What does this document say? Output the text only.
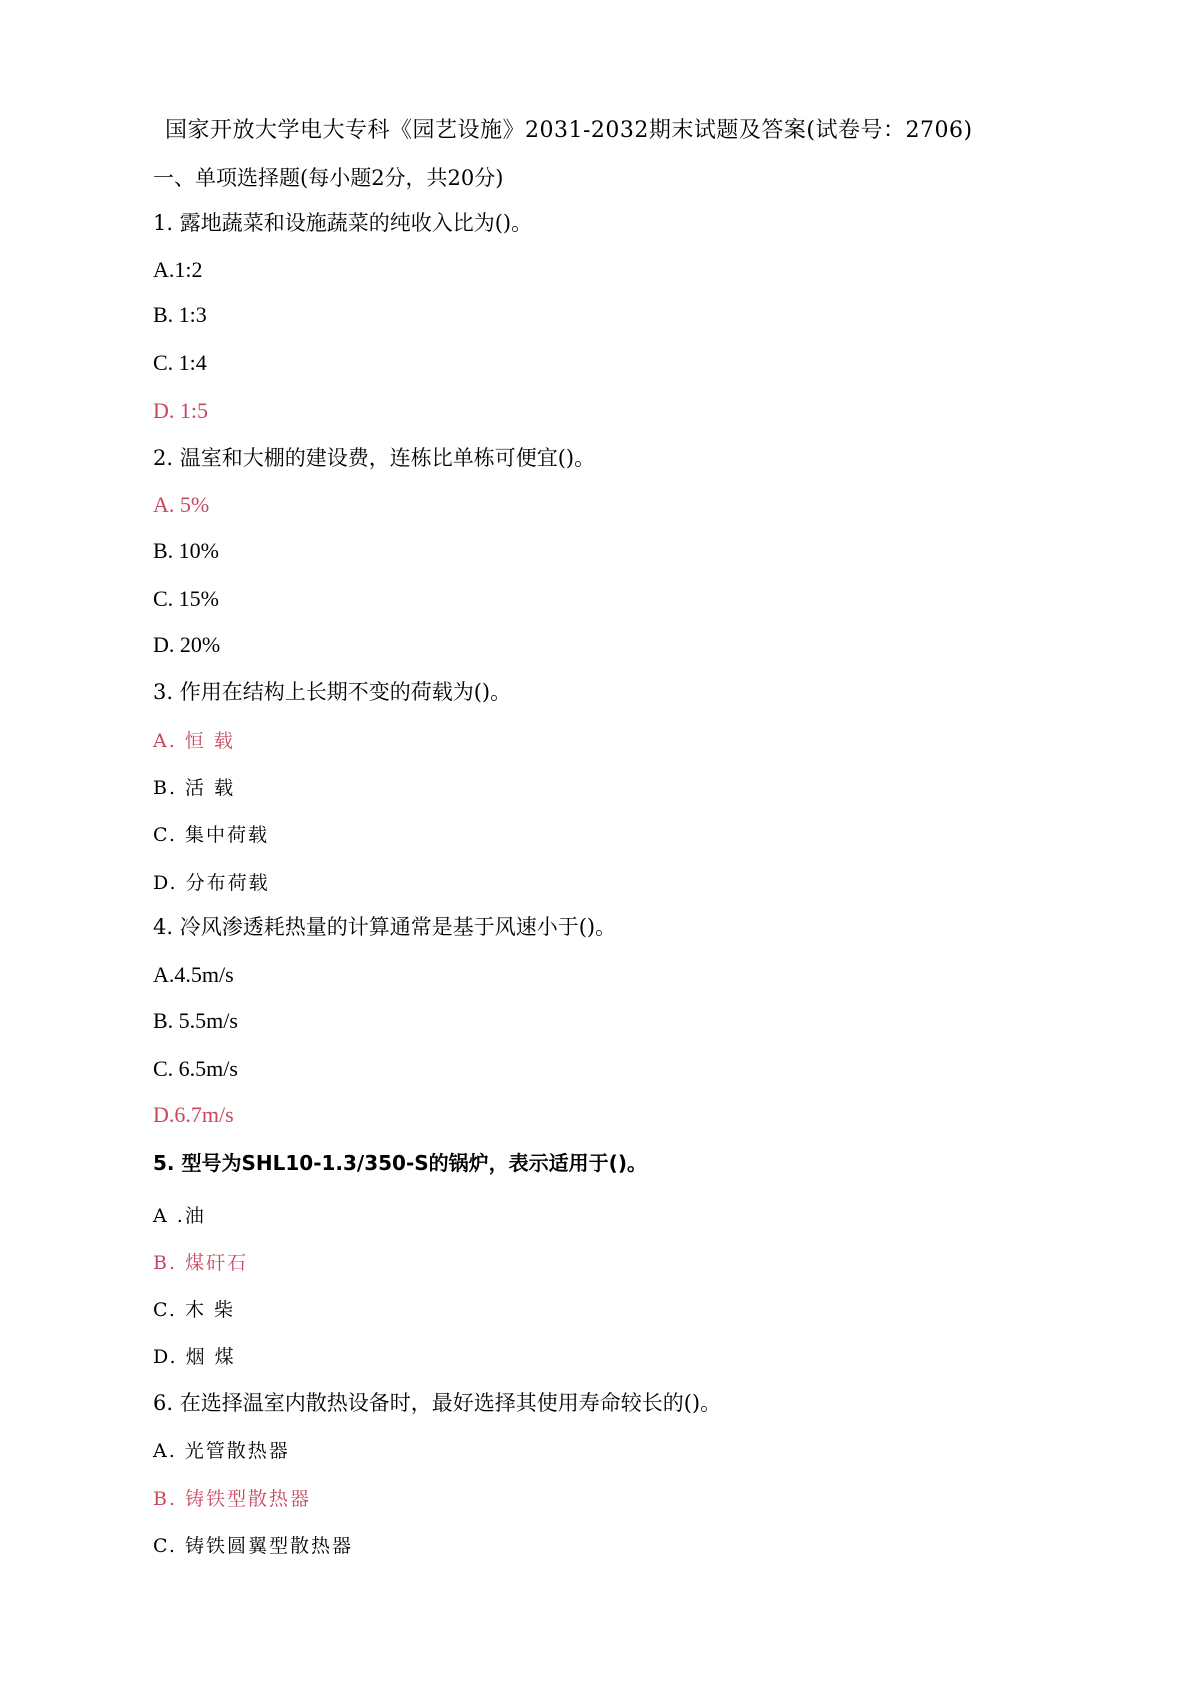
国家开放大学电大专科《园艺设施》2031-2032期末试题及答案(试卷号：2706)
一、单项选择题(每小题2分，共20分)
1. 露地蔬菜和设施蔬菜的纯收入比为()。
A.1:2
B. 1:3
C. 1:4
D. 1:5
2. 温室和大棚的建设费，连栋比单栋可便宜()。
A. 5%
B. 10%
C. 15%
D. 20%
3. 作用在结构上长期不变的荷载为()。
A. 恒 载
B. 活 载
C. 集中荷载
D. 分布荷载
4. 冷风渗透耗热量的计算通常是基于风速小于()。
A.4.5m/s
B. 5.5m/s
C. 6.5m/s
D.6.7m/s
5. 型号为SHL10-1.3/350-S的锅炉，表示适用于()。
A .油
B. 煤矸石
C. 木 柴
D. 烟 煤
6. 在选择温室内散热设备时，最好选择其使用寿命较长的()。
A. 光管散热器
B. 铸铁型散热器
C. 铸铁圆翼型散热器
